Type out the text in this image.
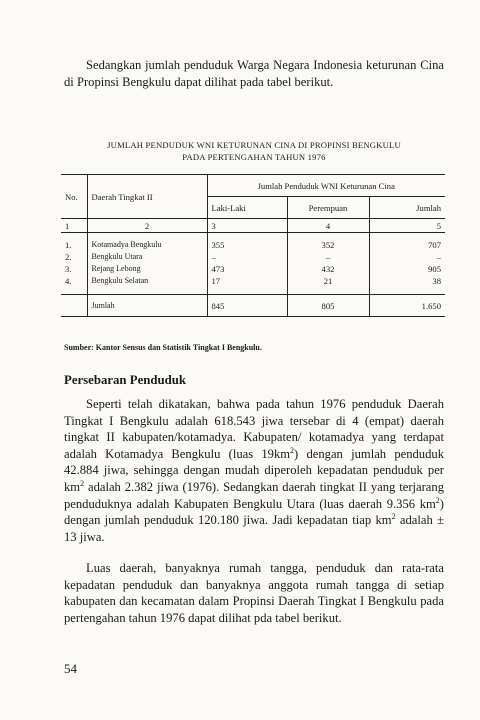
Sedangkan jumlah penduduk Warga Negara Indonesia keturunan Cina di Propinsi Bengkulu dapat dilihat pada tabel berikut.

JUMLAH PENDUDUK WNI KETURUNAN CINA DI PROPINSI BENGKULU

PADA PERTENGAHAN TAHUN 1976

No.	Daerah Tingkat II	Jumlah Penduduk WNI Keturunan Cina		
		Laki-Laki	Perempuan	Jumlah
1	2	3	4	5

1.	Kotamadya Bengkulu	355	352	707
2.	Bengkulu Utara	–	–	–
3.	Rejang Lebong	473	432	905
4.	Bengkulu Selatan	17	21	38

	Jumlah	845	805	1.650

Sumber: Kantor Sensus dan Statistik Tingkat I Bengkulu.

Persebaran Penduduk

Seperti telah dikatakan, bahwa pada tahun 1976 penduduk Daerah Tingkat I Bengkulu adalah 618.543 jiwa tersebar di 4 (empat) daerah tingkat II kabupaten/kotamadya. Kabupaten/ kotamadya yang terdapat adalah Kotamadya Bengkulu (luas $19km^2$) dengan jumlah penduduk 42.884 jiwa, sehingga dengan mudah diperoleh kepadatan penduduk per $km^2$ adalah 2.382 jiwa (1976). Sedangkan daerah tingkat II yang terjarang penduduknya adalah Kabupaten Bengkulu Utara (luas daerah 9.356 $km^2$) dengan jumlah penduduk 120.180 jiwa. Jadi kepadatan tiap $km^2$ adalah ± 13 jiwa.

Luas daerah, banyaknya rumah tangga, penduduk dan rata-rata kepadatan penduduk dan banyaknya anggota rumah tangga di setiap kabupaten dan kecamatan dalam Propinsi Daerah Tingkat I Bengkulu pada pertengahan tahun 1976 dapat dilihat pda tabel berikut.

54
